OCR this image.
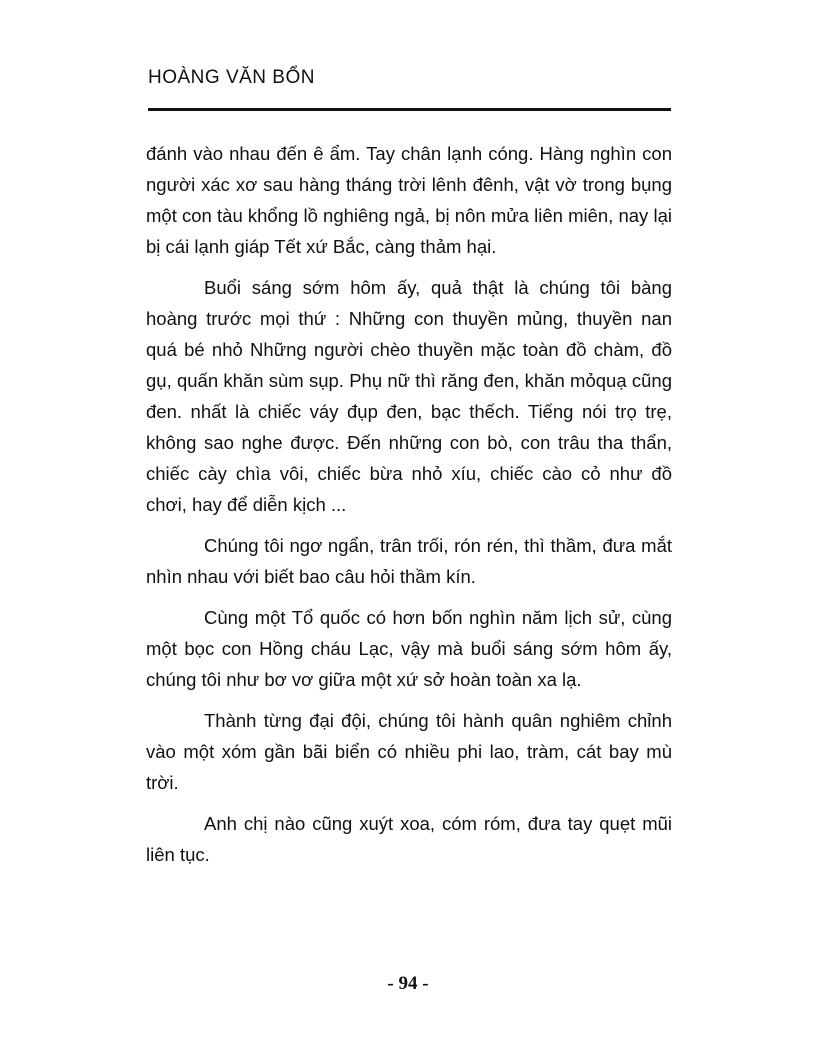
HOÀNG VĂN BỔN

đánh vào nhau đến ê ẩm. Tay chân lạnh cóng. Hàng nghìn con người xác xơ sau hàng tháng trời lênh đênh, vật vờ trong bụng một con tàu khổng lồ nghiêng ngả, bị nôn mửa liên miên, nay lại bị cái lạnh giáp Tết xứ Bắc, càng thảm hại.

Buổi sáng sớm hôm ấy, quả thật là chúng tôi bàng hoàng trước mọi thứ : Những con thuyền mủng, thuyền nan quá bé nhỏ Những người chèo thuyền mặc toàn đồ chàm, đồ gụ, quấn khăn sùm sụp. Phụ nữ thì răng đen, khăn mỏquạ cũng đen. nhất là chiếc váy đụp đen, bạc thếch. Tiếng nói trọ trẹ, không sao nghe được. Đến những con bò, con trâu tha thẩn, chiếc cày chìa vôi, chiếc bừa nhỏ xíu, chiếc cào cỏ như đồ chơi, hay để diễn kịch ...

Chúng tôi ngơ ngẩn, trân trối, rón rén, thì thầm, đưa mắt nhìn nhau với biết bao câu hỏi thầm kín.

Cùng một Tổ quốc có hơn bốn nghìn năm lịch sử, cùng một bọc con Hồng cháu Lạc, vậy mà buổi sáng sớm hôm ấy, chúng tôi như bơ vơ giữa một xứ sở hoàn toàn xa lạ.

Thành từng đại đội, chúng tôi hành quân nghiêm chỉnh vào một xóm gần bãi biển có nhiều phi lao, tràm, cát bay mù trời.

Anh chị nào cũng xuýt xoa, cóm róm, đưa tay quẹt mũi liên tục.

- 94 -
